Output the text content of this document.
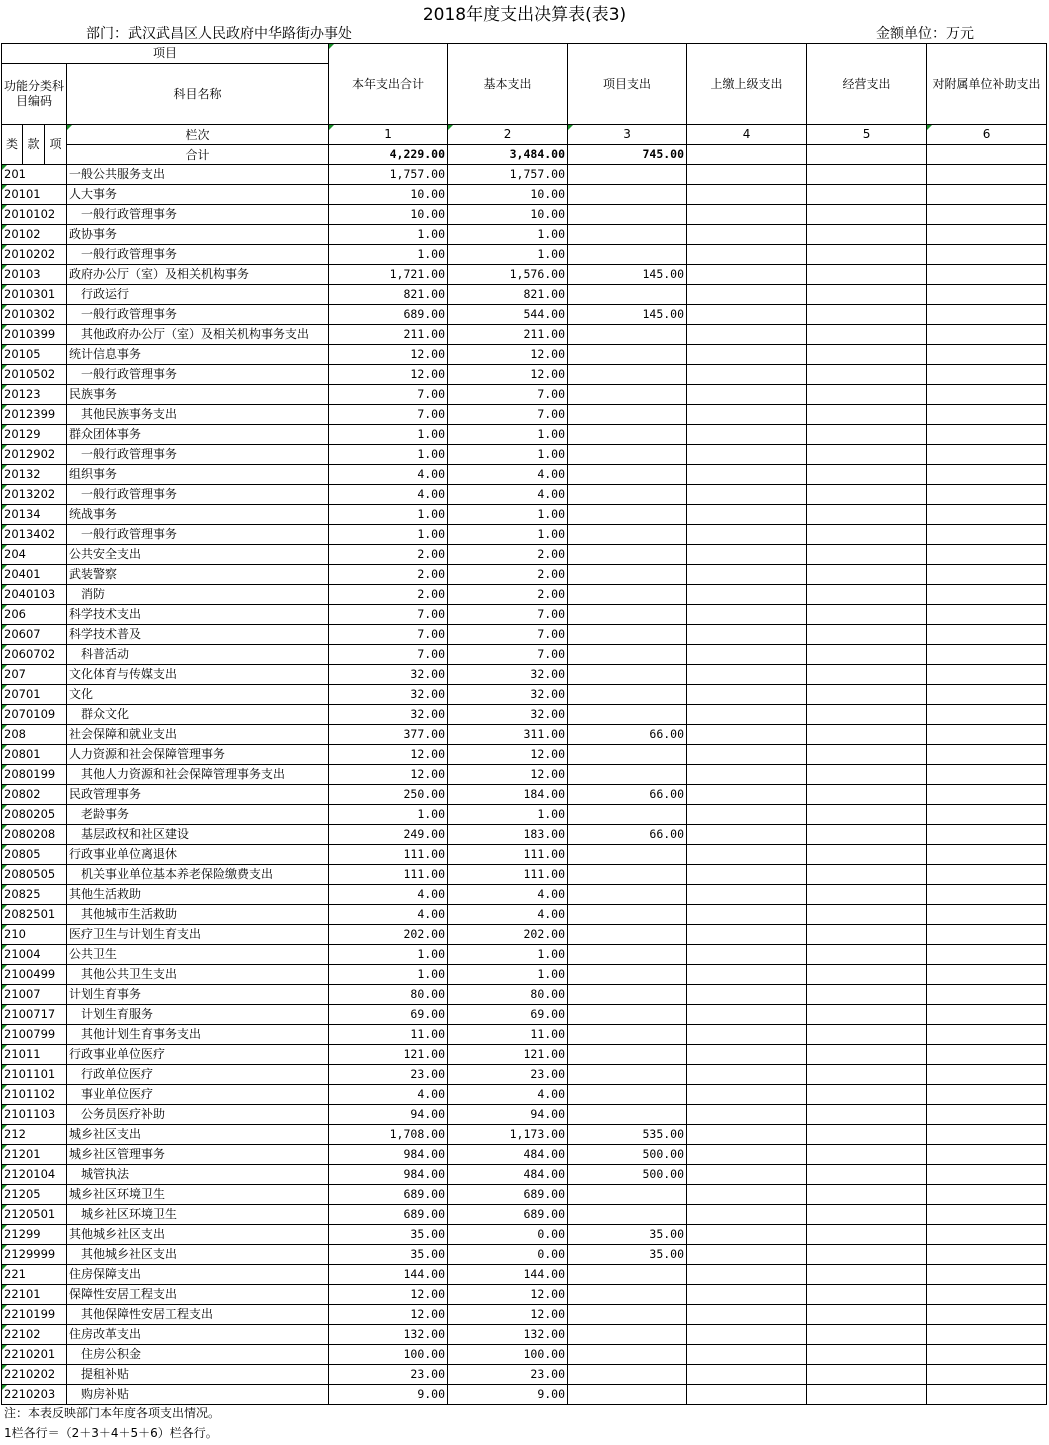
2018年度支出决算表(表3)
部门：武汉武昌区人民政府中华路街办事处	金额单位：万元
项目				本年支出合计	基本支出	项目支出	上缴上级支出	经营支出	对附属单位补助支出
功能分类科目编码			科目名称						

类	款	项	栏次	1	2	3	4	5	6
			合计	4,229.00	3,484.00	745.00			
201			一般公共服务支出	1,757.00	1,757.00				
20101			人大事务	10.00	10.00				
2010102			一般行政管理事务	10.00	10.00				
20102			政协事务	1.00	1.00				
2010202			一般行政管理事务	1.00	1.00				
20103			政府办公厅（室）及相关机构事务	1,721.00	1,576.00	145.00			
2010301			行政运行	821.00	821.00				
2010302			一般行政管理事务	689.00	544.00	145.00			
2010399			其他政府办公厅（室）及相关机构事务支出	211.00	211.00				
20105			统计信息事务	12.00	12.00				
2010502			一般行政管理事务	12.00	12.00				
20123			民族事务	7.00	7.00				
2012399			其他民族事务支出	7.00	7.00				
20129			群众团体事务	1.00	1.00				
2012902			一般行政管理事务	1.00	1.00				
20132			组织事务	4.00	4.00				
2013202			一般行政管理事务	4.00	4.00				
20134			统战事务	1.00	1.00				
2013402			一般行政管理事务	1.00	1.00				
204			公共安全支出	2.00	2.00				
20401			武装警察	2.00	2.00				
2040103			消防	2.00	2.00				
206			科学技术支出	7.00	7.00				
20607			科学技术普及	7.00	7.00				
2060702			科普活动	7.00	7.00				
207			文化体育与传媒支出	32.00	32.00				
20701			文化	32.00	32.00				
2070109			群众文化	32.00	32.00				
208			社会保障和就业支出	377.00	311.00	66.00			
20801			人力资源和社会保障管理事务	12.00	12.00				
2080199			其他人力资源和社会保障管理事务支出	12.00	12.00				
20802			民政管理事务	250.00	184.00	66.00			
2080205			老龄事务	1.00	1.00				
2080208			基层政权和社区建设	249.00	183.00	66.00			
20805			行政事业单位离退休	111.00	111.00				
2080505			机关事业单位基本养老保险缴费支出	111.00	111.00				
20825			其他生活救助	4.00	4.00				
2082501			其他城市生活救助	4.00	4.00				
210			医疗卫生与计划生育支出	202.00	202.00				
21004			公共卫生	1.00	1.00				
2100499			其他公共卫生支出	1.00	1.00				
21007			计划生育事务	80.00	80.00				
2100717			计划生育服务	69.00	69.00				
2100799			其他计划生育事务支出	11.00	11.00				
21011			行政事业单位医疗	121.00	121.00				
2101101			行政单位医疗	23.00	23.00				
2101102			事业单位医疗	4.00	4.00				
2101103			公务员医疗补助	94.00	94.00				
212			城乡社区支出	1,708.00	1,173.00	535.00			
21201			城乡社区管理事务	984.00	484.00	500.00			
2120104			城管执法	984.00	484.00	500.00			
21205			城乡社区环境卫生	689.00	689.00				
2120501			城乡社区环境卫生	689.00	689.00				
21299			其他城乡社区支出	35.00	0.00	35.00			
2129999			其他城乡社区支出	35.00	0.00	35.00			
221			住房保障支出	144.00	144.00				
22101			保障性安居工程支出	12.00	12.00				
2210199			其他保障性安居工程支出	12.00	12.00				
22102			住房改革支出	132.00	132.00				
2210201			住房公积金	100.00	100.00				
2210202			提租补贴	23.00	23.00				
2210203			购房补贴	9.00	9.00				
注：本表反映部门本年度各项支出情况。
1栏各行＝（2＋3＋4＋5＋6）栏各行。
